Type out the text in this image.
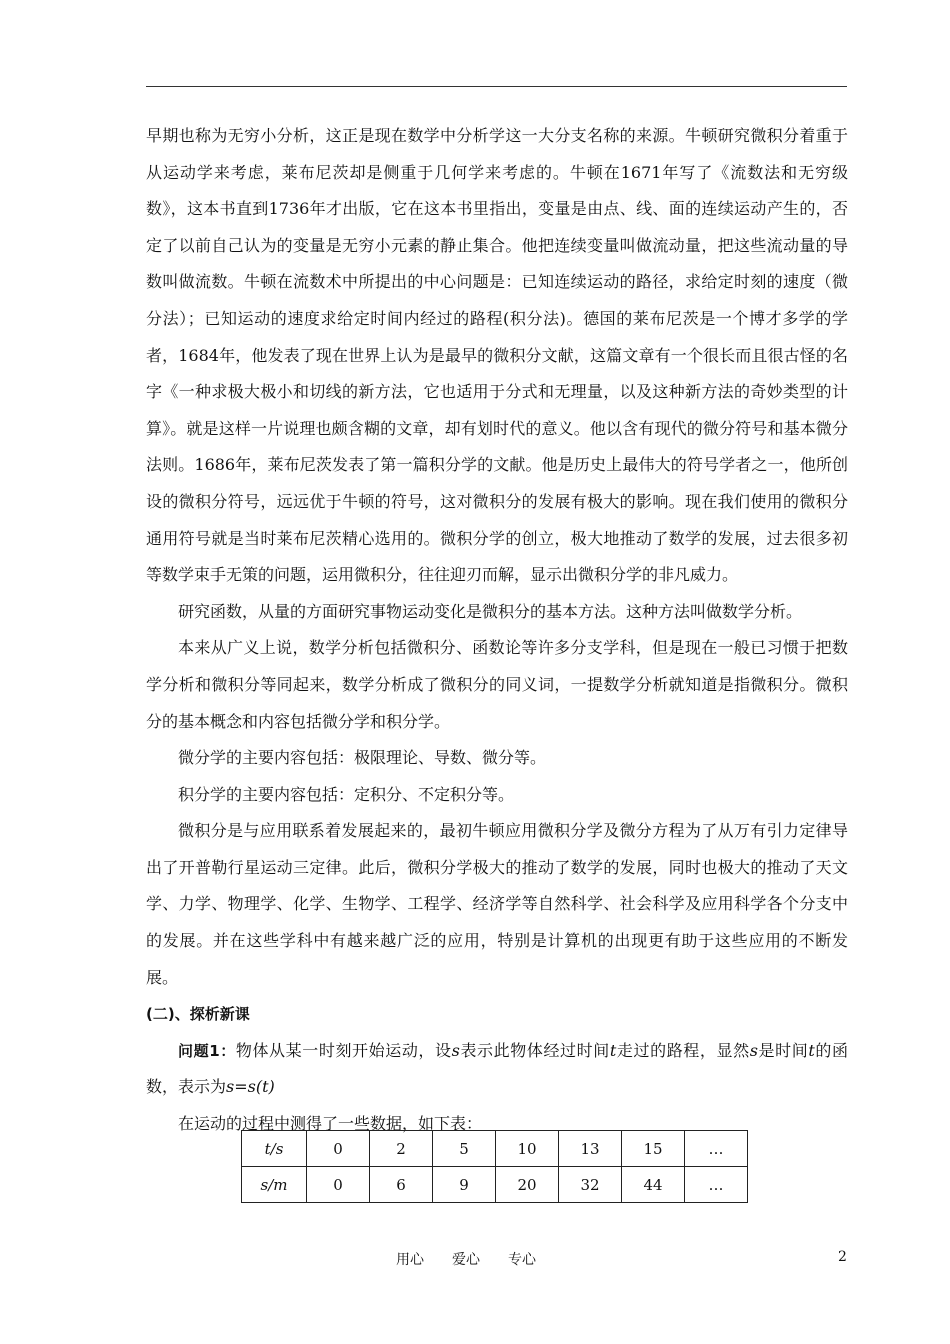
早期也称为无穷小分析，这正是现在数学中分析学这一大分支名称的来源。牛顿研究微积分着重于从运动学来考虑，莱布尼茨却是侧重于几何学来考虑的。牛顿在1671年写了《流数法和无穷级数》，这本书直到1736年才出版，它在这本书里指出，变量是由点、线、面的连续运动产生的，否定了以前自己认为的变量是无穷小元素的静止集合。他把连续变量叫做流动量，把这些流动量的导数叫做流数。牛顿在流数术中所提出的中心问题是：已知连续运动的路径，求给定时刻的速度（微分法）；已知运动的速度求给定时间内经过的路程(积分法)。德国的莱布尼茨是一个博才多学的学者，1684年，他发表了现在世界上认为是最早的微积分文献，这篇文章有一个很长而且很古怪的名字《一种求极大极小和切线的新方法，它也适用于分式和无理量，以及这种新方法的奇妙类型的计算》。就是这样一片说理也颇含糊的文章，却有划时代的意义。他以含有现代的微分符号和基本微分法则。1686年，莱布尼茨发表了第一篇积分学的文献。他是历史上最伟大的符号学者之一，他所创设的微积分符号，远远优于牛顿的符号，这对微积分的发展有极大的影响。现在我们使用的微积分通用符号就是当时莱布尼茨精心选用的。微积分学的创立，极大地推动了数学的发展，过去很多初等数学束手无策的问题，运用微积分，往往迎刃而解，显示出微积分学的非凡威力。

研究函数，从量的方面研究事物运动变化是微积分的基本方法。这种方法叫做数学分析。

本来从广义上说，数学分析包括微积分、函数论等许多分支学科，但是现在一般已习惯于把数学分析和微积分等同起来，数学分析成了微积分的同义词，一提数学分析就知道是指微积分。微积分的基本概念和内容包括微分学和积分学。

微分学的主要内容包括：极限理论、导数、微分等。

积分学的主要内容包括：定积分、不定积分等。

微积分是与应用联系着发展起来的，最初牛顿应用微积分学及微分方程为了从万有引力定律导出了开普勒行星运动三定律。此后，微积分学极大的推动了数学的发展，同时也极大的推动了天文学、力学、物理学、化学、生物学、工程学、经济学等自然科学、社会科学及应用科学各个分支中的发展。并在这些学科中有越来越广泛的应用，特别是计算机的出现更有助于这些应用的不断发展。

(二)、探析新课

问题1：物体从某一时刻开始运动，设s表示此物体经过时间t走过的路程，显然s是时间t的函数，表示为s=s(t)

在运动的过程中测得了一些数据，如下表：

t/s	0	2	5	10	13	15	…
s/m	0	6	9	20	32	44	…
用心 爱心 专心	2
